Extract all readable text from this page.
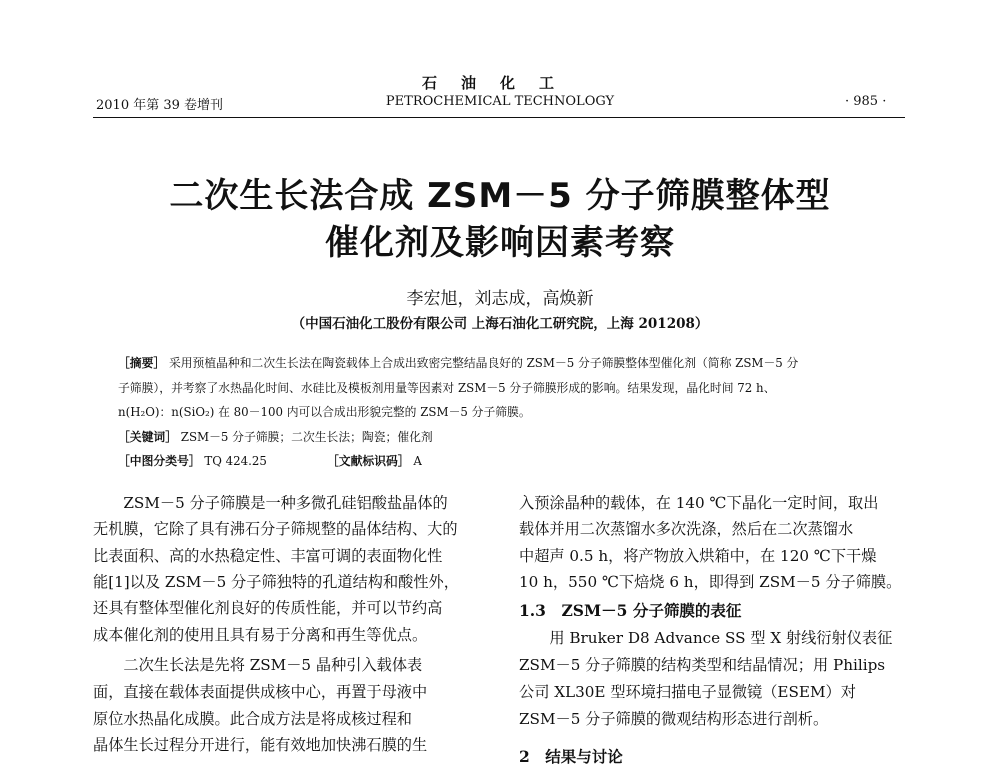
石油化工
2010 年第 39 卷增刊	PETROCHEMICAL TECHNOLOGY	· 985 ·
二次生长法合成 ZSM－5 分子筛膜整体型
催化剂及影响因素考察
李宏旭，刘志成，高焕新
（中国石油化工股份有限公司 上海石油化工研究院，上海 201208）
［摘要］ 采用预植晶种和二次生长法在陶瓷载体上合成出致密完整结晶良好的 ZSM－5 分子筛膜整体型催化剂（简称 ZSM－5 分
子筛膜），并考察了水热晶化时间、水硅比及模板剂用量等因素对 ZSM－5 分子筛膜形成的影响。结果发现，晶化时间 72 h、
n(H₂O)：n(SiO₂) 在 80－100 内可以合成出形貌完整的 ZSM－5 分子筛膜。
［关键词］ ZSM－5 分子筛膜；二次生长法；陶瓷；催化剂
［中图分类号］ TQ 424.25	［文献标识码］ A
　　ZSM－5 分子筛膜是一种多微孔硅铝酸盐晶体的
无机膜，它除了具有沸石分子筛规整的晶体结构、大的
比表面积、高的水热稳定性、丰富可调的表面物化性
能[1]以及 ZSM－5 分子筛独特的孔道结构和酸性外，
还具有整体型催化剂良好的传质性能，并可以节约高
成本催化剂的使用且具有易于分离和再生等优点。
　　二次生长法是先将 ZSM－5 晶种引入载体表
面，直接在载体表面提供成核中心，再置于母液中
原位水热晶化成膜。此合成方法是将成核过程和
晶体生长过程分开进行，能有效地加快沸石膜的生
入预涂晶种的载体，在 140 ℃下晶化一定时间，取出
载体并用二次蒸馏水多次洗涤，然后在二次蒸馏水
中超声 0.5 h，将产物放入烘箱中，在 120 ℃下干燥
10 h，550 ℃下焙烧 6 h，即得到 ZSM－5 分子筛膜。
1.3　ZSM－5 分子筛膜的表征
　　用 Bruker D8 Advance SS 型 X 射线衍射仪表征
ZSM－5 分子筛膜的结构类型和结晶情况；用 Philips
公司 XL30E 型环境扫描电子显微镜（ESEM）对
ZSM－5 分子筛膜的微观结构形态进行剖析。
2　结果与讨论
